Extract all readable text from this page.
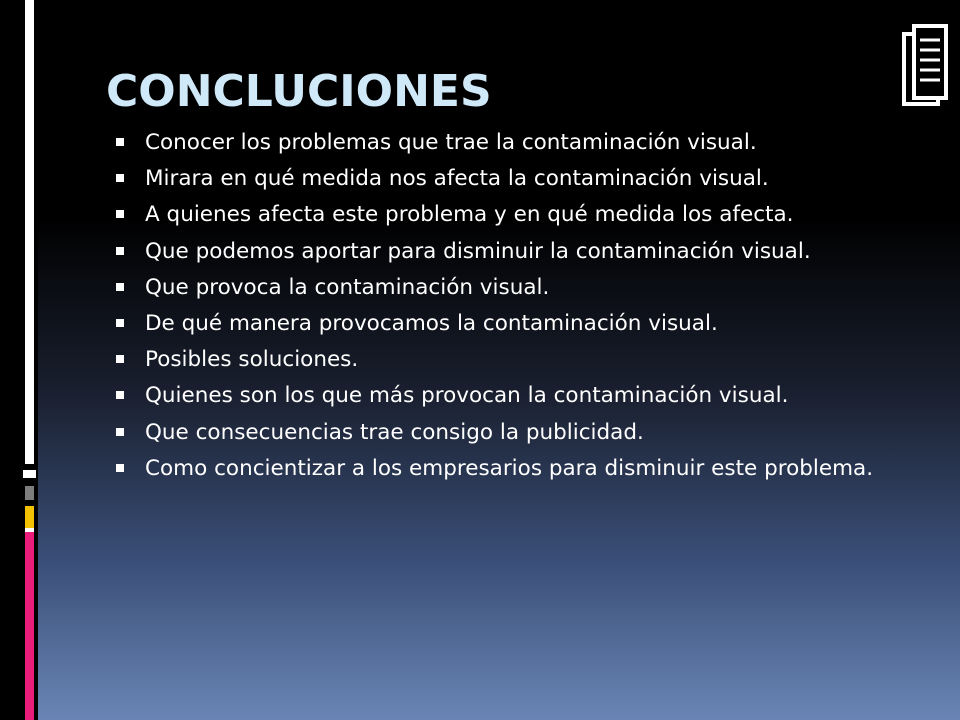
CONCLUCIONES
Conocer los problemas que trae la contaminación visual.
Mirara en qué medida nos afecta la contaminación visual.
A quienes afecta este problema y en qué medida los afecta.
Que podemos aportar para disminuir la contaminación visual.
Que provoca la contaminación visual.
De qué manera provocamos la contaminación visual.
Posibles soluciones.
Quienes son los que más provocan la contaminación visual.
Que consecuencias trae consigo la publicidad.
Como concientizar a los empresarios para disminuir este problema.
